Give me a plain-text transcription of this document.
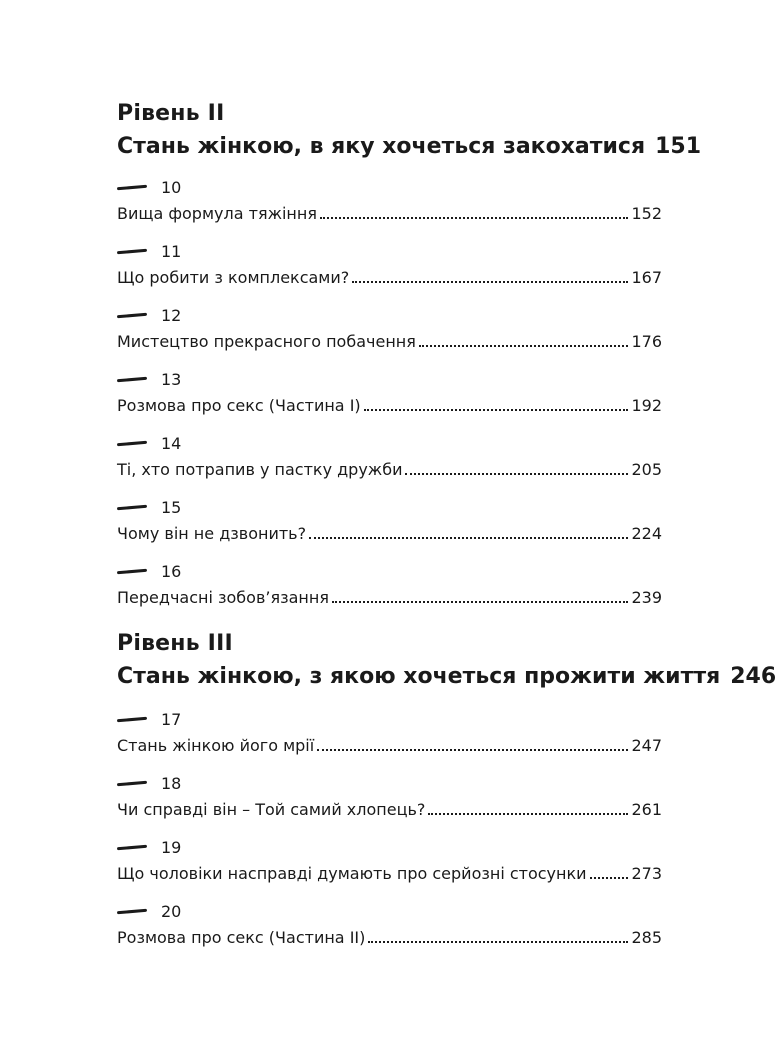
Рівень II
Стань жінкою, в яку хочеться закохатися 151
10
Вища формула тяжіння	152
11
Що робити з комплексами?	167
12
Мистецтво прекрасного побачення	176
13
Розмова про секс (Частина I)	192
14
Ті, хто потрапив у пастку дружби	205
15
Чому він не дзвонить?	224
16
Передчасні зобов’язання	239
Рівень III
Стань жінкою, з якою хочеться прожити життя 246
17
Стань жінкою його мрії	247
18
Чи справді він – Той самий хлопець?	261
19
Що чоловіки насправді думають про серйозні стосунки	273
20
Розмова про секс (Частина II)	285
